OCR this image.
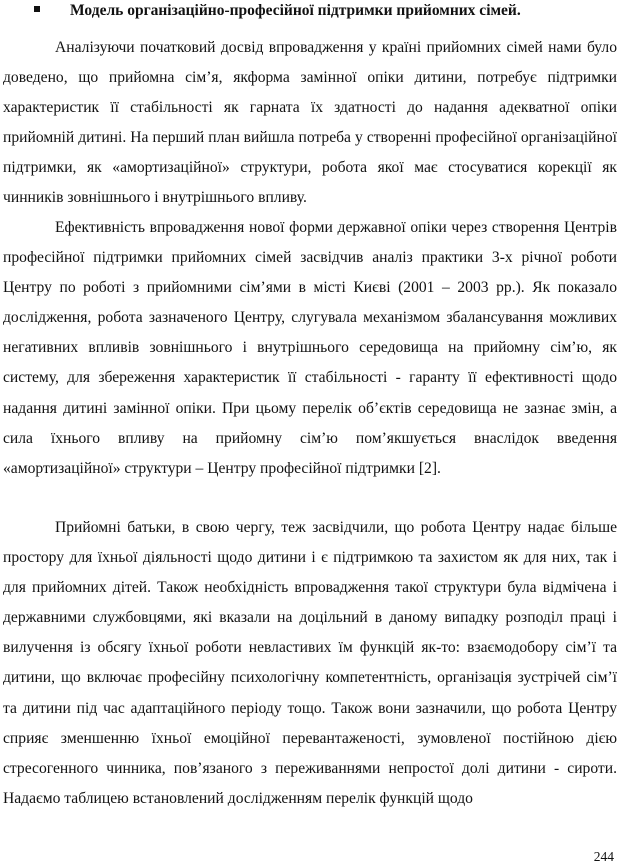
Модель організаційно-професійної підтримки прийомних сімей.

Аналізуючи початковий досвід впровадження у країні прийомних сімей нами було доведено, що прийомна сім’я, якформа замінної опіки дитини, потребує підтримки характеристик її стабільності як гарната їх здатності до надання адекватної опіки прийомній дитині. На перший план вийшла потреба у створенні професійної організаційної підтримки, як «амортизаційної» структури, робота якої має стосуватися корекції як чинників зовнішнього і внутрішнього впливу.

Ефективність впровадження нової форми державної опіки через створення Центрів професійної підтримки прийомних сімей засвідчив аналіз практики 3-х річної роботи Центру по роботі з прийомними сім’ями в місті Києві (2001 – 2003 рр.). Як показало дослідження, робота зазначеного Центру, слугувала механізмом збалансування можливих негативних впливів зовнішнього і внутрішнього середовища на прийомну сім’ю, як систему, для збереження характеристик її стабільності - гаранту її ефективності щодо надання дитині замінної опіки. При цьому перелік об’єктів середовища не зазнає змін, а сила їхнього впливу на прийомну сім’ю пом’якшується внаслідок введення «амортизаційної» структури – Центру професійної підтримки [2].

Прийомні батьки, в свою чергу, теж засвідчили, що робота Центру надає більше простору для їхньої діяльності щодо дитини і є підтримкою та захистом як для них, так і для прийомних дітей. Також необхідність впровадження такої структури була відмічена і державними службовцями, які вказали на доцільний в даному випадку розподіл праці і вилучення із обсягу їхньої роботи невластивих їм функцій як-то: взаємодобору сім’ї та дитини, що включає професійну психологічну компетентність, організація зустрічей сім’ї та дитини під час адаптаційного періоду тощо. Також вони зазначили, що робота Центру сприяє зменшенню їхньої емоційної перевантаженості, зумовленої постійною дією стресогенного чинника, пов’язаного з переживаннями непростої долі дитини - сироти. Надаємо таблицею встановлений дослідженням перелік функцій щодо

244
